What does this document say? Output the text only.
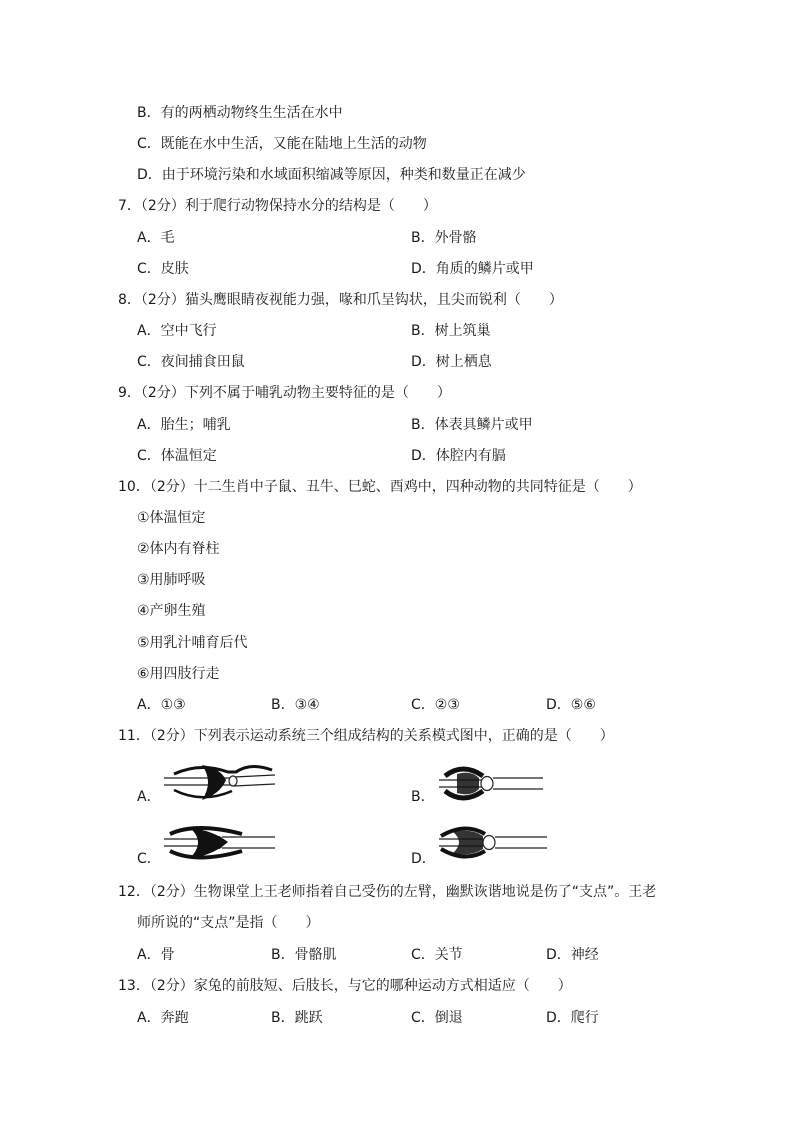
B．有的两栖动物终生生活在水中
C．既能在水中生活，又能在陆地上生活的动物
D．由于环境污染和水域面积缩减等原因，种类和数量正在减少
7．（2分）利于爬行动物保持水分的结构是（　　）
A．毛	B．外骨骼
C．皮肤	D．角质的鳞片或甲
8．（2分）猫头鹰眼睛夜视能力强，喙和爪呈钩状，且尖而锐利（　　）
A．空中飞行	B．树上筑巢
C．夜间捕食田鼠	D．树上栖息
9．（2分）下列不属于哺乳动物主要特征的是（　　）
A．胎生；哺乳	B．体表具鳞片或甲
C．体温恒定	D．体腔内有膈
10．（2分）十二生肖中子鼠、丑牛、巳蛇、酉鸡中，四种动物的共同特征是（　　）
①体温恒定
②体内有脊柱
③用肺呼吸
④产卵生殖
⑤用乳汁哺育后代
⑥用四肢行走
A．①③	B．③④	C．②③	D．⑤⑥
11．（2分）下列表示运动系统三个组成结构的关系模式图中，正确的是（　　）
A．	B．
C．	D．
12．（2分）生物课堂上王老师指着自己受伤的左臂，幽默诙谐地说是伤了“支点”。王老
师所说的“支点”是指（　　）
A．骨	B．骨骼肌	C．关节	D．神经
13．（2分）家兔的前肢短、后肢长，与它的哪种运动方式相适应（　　）
A．奔跑	B．跳跃	C．倒退	D．爬行
